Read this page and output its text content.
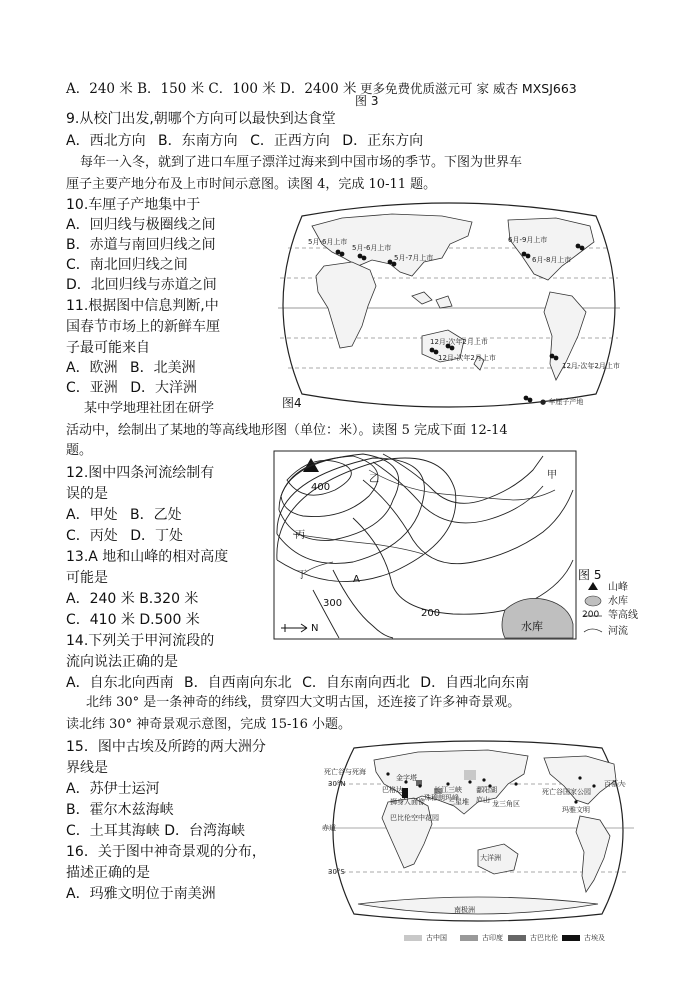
A．240 米 B．150 米 C．100 米 D．2400 米 更多免费优质滋元可 家 威杏 MXSJ663
图 3
9.从校门出发,朝哪个方向可以最快到达食堂
A．西北方向 B．东南方向 C．正西方向 D．正东方向
每年一入冬，就到了进口车厘子漂洋过海来到中国市场的季节。下图为世界车
厘子主要产地分布及上市时间示意图。读图 4，完成 10-11 题。
10.车厘子产地集中于
A．回归线与极圈线之间
B．赤道与南回归线之间
C．南北回归线之间
D．北回归线与赤道之间
11.根据图中信息判断,中
国春节市场上的新鲜车厘
子最可能来自
A．欧洲 B．北美洲
C．亚洲 D．大洋洲
5月-6月上市
5月-6月上市
5月-7月上市
6月-9月上市
6月-8月上市
12月-次年2月上市
12月-次年2月上市
12月-次年2月上市
图4	● 车厘子产地
某中学地理社团在研学
活动中，绘制出了某地的等高线地形图（单位：米）。读图 5 完成下面 12-14
题。
12.图中四条河流绘制有
误的是
A．甲处 B．乙处
C．丙处 D．丁处
13.A 地和山峰的相对高度
可能是
A．240 米 B.320 米
C．410 米 D.500 米
14.下列关于甲河流段的
流向说法正确的是
A．自东北向西南 B．自西南向东北 C．自东南向西北 D．自西北向东南
400
300
200
甲
乙
丙
丁	A
水库
N
图 5
山峰
水库
200 等高线
河流
北纬 30° 是一条神奇的纬线，贯穿四大文明古国，还连接了许多神奇景观。
读北纬 30° 神奇景观示意图，完成 15-16 小题。
15．图中古埃及所跨的两大洲分
界线是
A．苏伊士运河
B．霍尔木兹海峡
C．土耳其海峡 D．台湾海峡
16．关于图中神奇景观的分布，
描述正确的是
A．玛雅文明位于南美洲
死亡谷与死海
金字塔
狮身人面像
巴格达
巴比伦空中花园
珠穆朗玛峰
长江三峡
三星堆
鄱阳湖
庐山 龙三角区
死亡谷国家公园
百慕大
玛雅文明
30°N
赤道
30°S
大洋洲
南极洲
古中国	古印度	古巴比伦	古埃及
